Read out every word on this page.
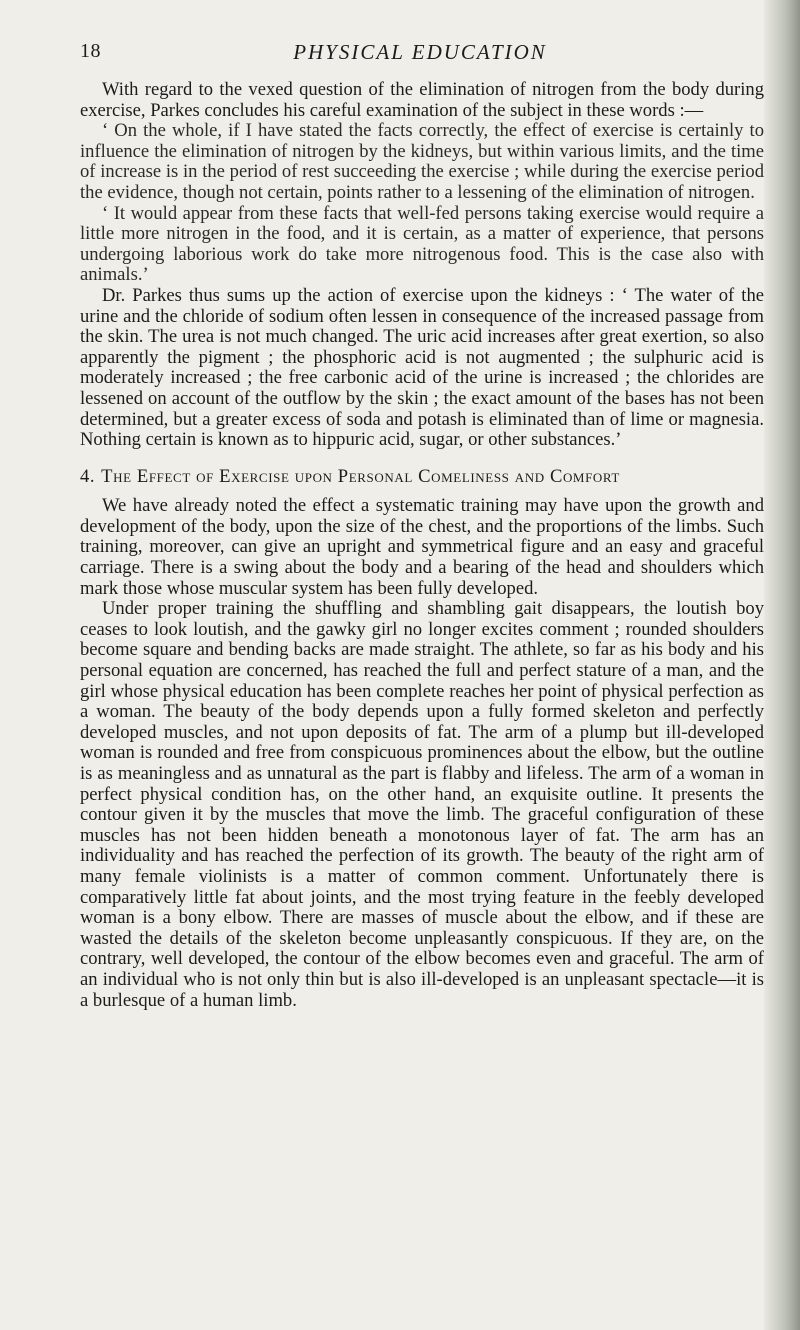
18	PHYSICAL EDUCATION

With regard to the vexed question of the elimination of nitrogen from the body during exercise, Parkes concludes his careful examination of the subject in these words :—

‘ On the whole, if I have stated the facts correctly, the effect of exercise is certainly to influence the elimination of nitrogen by the kidneys, but within various limits, and the time of increase is in the period of rest succeeding the exercise ; while during the exercise period the evidence, though not certain, points rather to a lessening of the elimination of nitrogen.

‘ It would appear from these facts that well-fed persons taking exercise would require a little more nitrogen in the food, and it is certain, as a matter of experience, that persons undergoing laborious work do take more nitrogenous food. This is the case also with animals.’

Dr. Parkes thus sums up the action of exercise upon the kidneys : ‘ The water of the urine and the chloride of sodium often lessen in consequence of the increased passage from the skin. The urea is not much changed. The uric acid increases after great exertion, so also apparently the pigment ; the phosphoric acid is not augmented ; the sulphuric acid is moderately increased ; the free carbonic acid of the urine is increased ; the chlorides are lessened on account of the outflow by the skin ; the exact amount of the bases has not been determined, but a greater excess of soda and potash is eliminated than of lime or magnesia. Nothing certain is known as to hippuric acid, sugar, or other substances.’

4. The Effect of Exercise upon Personal Comeliness and Comfort

We have already noted the effect a systematic training may have upon the growth and development of the body, upon the size of the chest, and the proportions of the limbs. Such training, moreover, can give an upright and symmetrical figure and an easy and graceful carriage. There is a swing about the body and a bearing of the head and shoulders which mark those whose muscular system has been fully developed.

Under proper training the shuffling and shambling gait disappears, the loutish boy ceases to look loutish, and the gawky girl no longer excites comment ; rounded shoulders become square and bending backs are made straight. The athlete, so far as his body and his personal equation are concerned, has reached the full and perfect stature of a man, and the girl whose physical education has been complete reaches her point of physical perfection as a woman. The beauty of the body depends upon a fully formed skeleton and perfectly developed muscles, and not upon deposits of fat. The arm of a plump but ill-developed woman is rounded and free from conspicuous prominences about the elbow, but the outline is as meaningless and as unnatural as the part is flabby and lifeless. The arm of a woman in perfect physical condition has, on the other hand, an exquisite outline. It presents the contour given it by the muscles that move the limb. The graceful configuration of these muscles has not been hidden beneath a monotonous layer of fat. The arm has an individuality and has reached the perfection of its growth. The beauty of the right arm of many female violinists is a matter of common comment. Unfortunately there is comparatively little fat about joints, and the most trying feature in the feebly developed woman is a bony elbow. There are masses of muscle about the elbow, and if these are wasted the details of the skeleton become unpleasantly conspicuous. If they are, on the contrary, well developed, the contour of the elbow becomes even and graceful. The arm of an individual who is not only thin but is also ill-developed is an unpleasant spectacle—it is a burlesque of a human limb.
